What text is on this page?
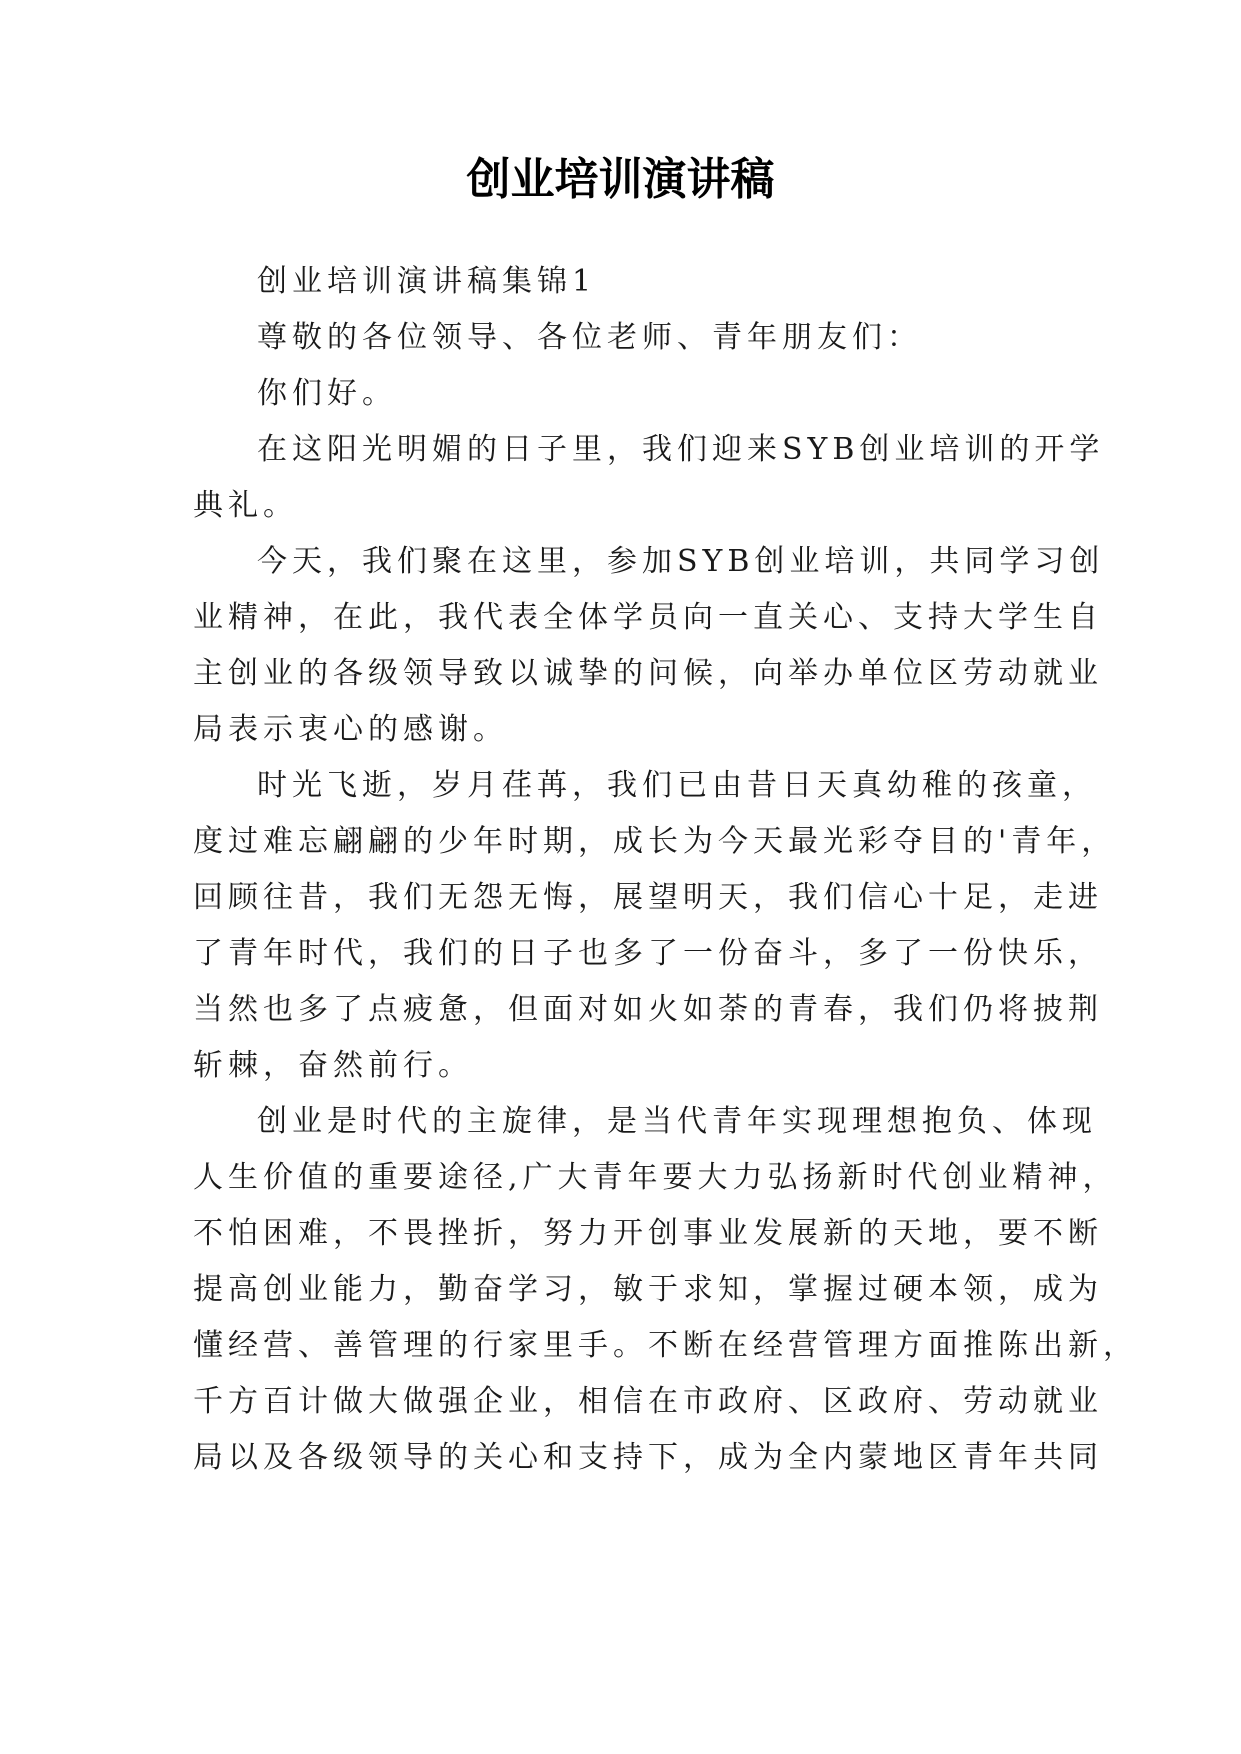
创业培训演讲稿
创业培训演讲稿集锦1
尊敬的各位领导、各位老师、青年朋友们：
你们好。
在这阳光明媚的日子里，我们迎来SYB创业培训的开学
典礼。
今天，我们聚在这里，参加SYB创业培训，共同学习创
业精神，在此，我代表全体学员向一直关心、支持大学生自
主创业的各级领导致以诚挚的问候，向举办单位区劳动就业
局表示衷心的感谢。
时光飞逝，岁月荏苒，我们已由昔日天真幼稚的孩童，
度过难忘翩翩的少年时期，成长为今天最光彩夺目的'青年，
回顾往昔，我们无怨无悔，展望明天，我们信心十足，走进
了青年时代，我们的日子也多了一份奋斗，多了一份快乐，
当然也多了点疲惫，但面对如火如荼的青春，我们仍将披荆
斩棘，奋然前行。
创业是时代的主旋律，是当代青年实现理想抱负、体现
人生价值的重要途径,广大青年要大力弘扬新时代创业精神，
不怕困难，不畏挫折，努力开创事业发展新的天地，要不断
提高创业能力，勤奋学习，敏于求知，掌握过硬本领，成为
懂经营、善管理的行家里手。不断在经营管理方面推陈出新，
千方百计做大做强企业，相信在市政府、区政府、劳动就业
局以及各级领导的关心和支持下，成为全内蒙地区青年共同
